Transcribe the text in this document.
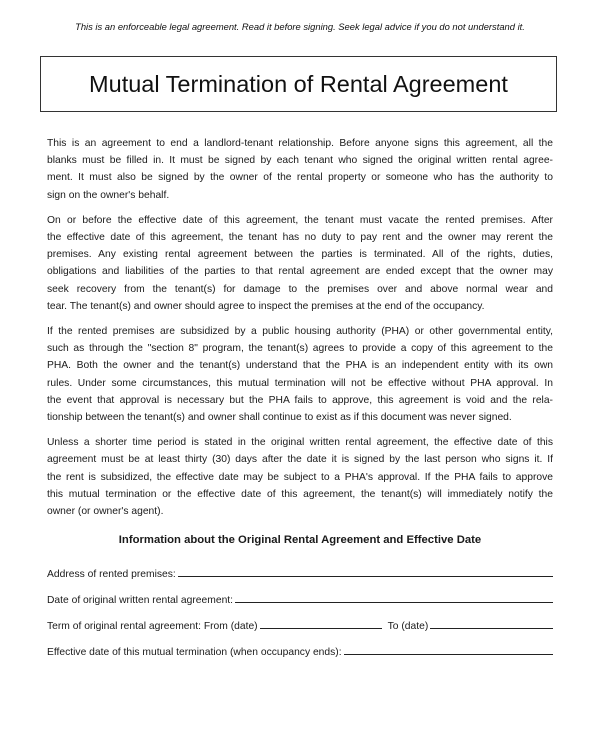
This is an enforceable legal agreement. Read it before signing. Seek legal advice if you do not understand it.
Mutual Termination of Rental Agreement
This is an agreement to end a landlord-tenant relationship. Before anyone signs this agreement, all the
blanks must be filled in. It must be signed by each tenant who signed the original written rental agree-
ment. It must also be signed by the owner of the rental property or someone who has the authority to
sign on the owner's behalf.
On or before the effective date of this agreement, the tenant must vacate the rented premises. After
the effective date of this agreement, the tenant has no duty to pay rent and the owner may rerent the
premises. Any existing rental agreement between the parties is terminated. All of the rights, duties,
obligations and liabilities of the parties to that rental agreement are ended except that the owner may
seek recovery from the tenant(s) for damage to the premises over and above normal wear and
tear. The tenant(s) and owner should agree to inspect the premises at the end of the occupancy.
If the rented premises are subsidized by a public housing authority (PHA) or other governmental entity,
such as through the "section 8" program, the tenant(s) agrees to provide a copy of this agreement to the
PHA. Both the owner and the tenant(s) understand that the PHA is an independent entity with its own
rules. Under some circumstances, this mutual termination will not be effective without PHA approval. In
the event that approval is necessary but the PHA fails to approve, this agreement is void and the rela-
tionship between the tenant(s) and owner shall continue to exist as if this document was never signed.
Unless a shorter time period is stated in the original written rental agreement, the effective date of this
agreement must be at least thirty (30) days after the date it is signed by the last person who signs it. If
the rent is subsidized, the effective date may be subject to a PHA's approval. If the PHA fails to approve
this mutual termination or the effective date of this agreement, the tenant(s) will immediately notify the
owner (or owner's agent).
Information about the Original Rental Agreement and Effective Date
Address of rented premises:
Date of original written rental agreement:
Term of original rental agreement: From (date)	To (date)
Effective date of this mutual termination (when occupancy ends):
